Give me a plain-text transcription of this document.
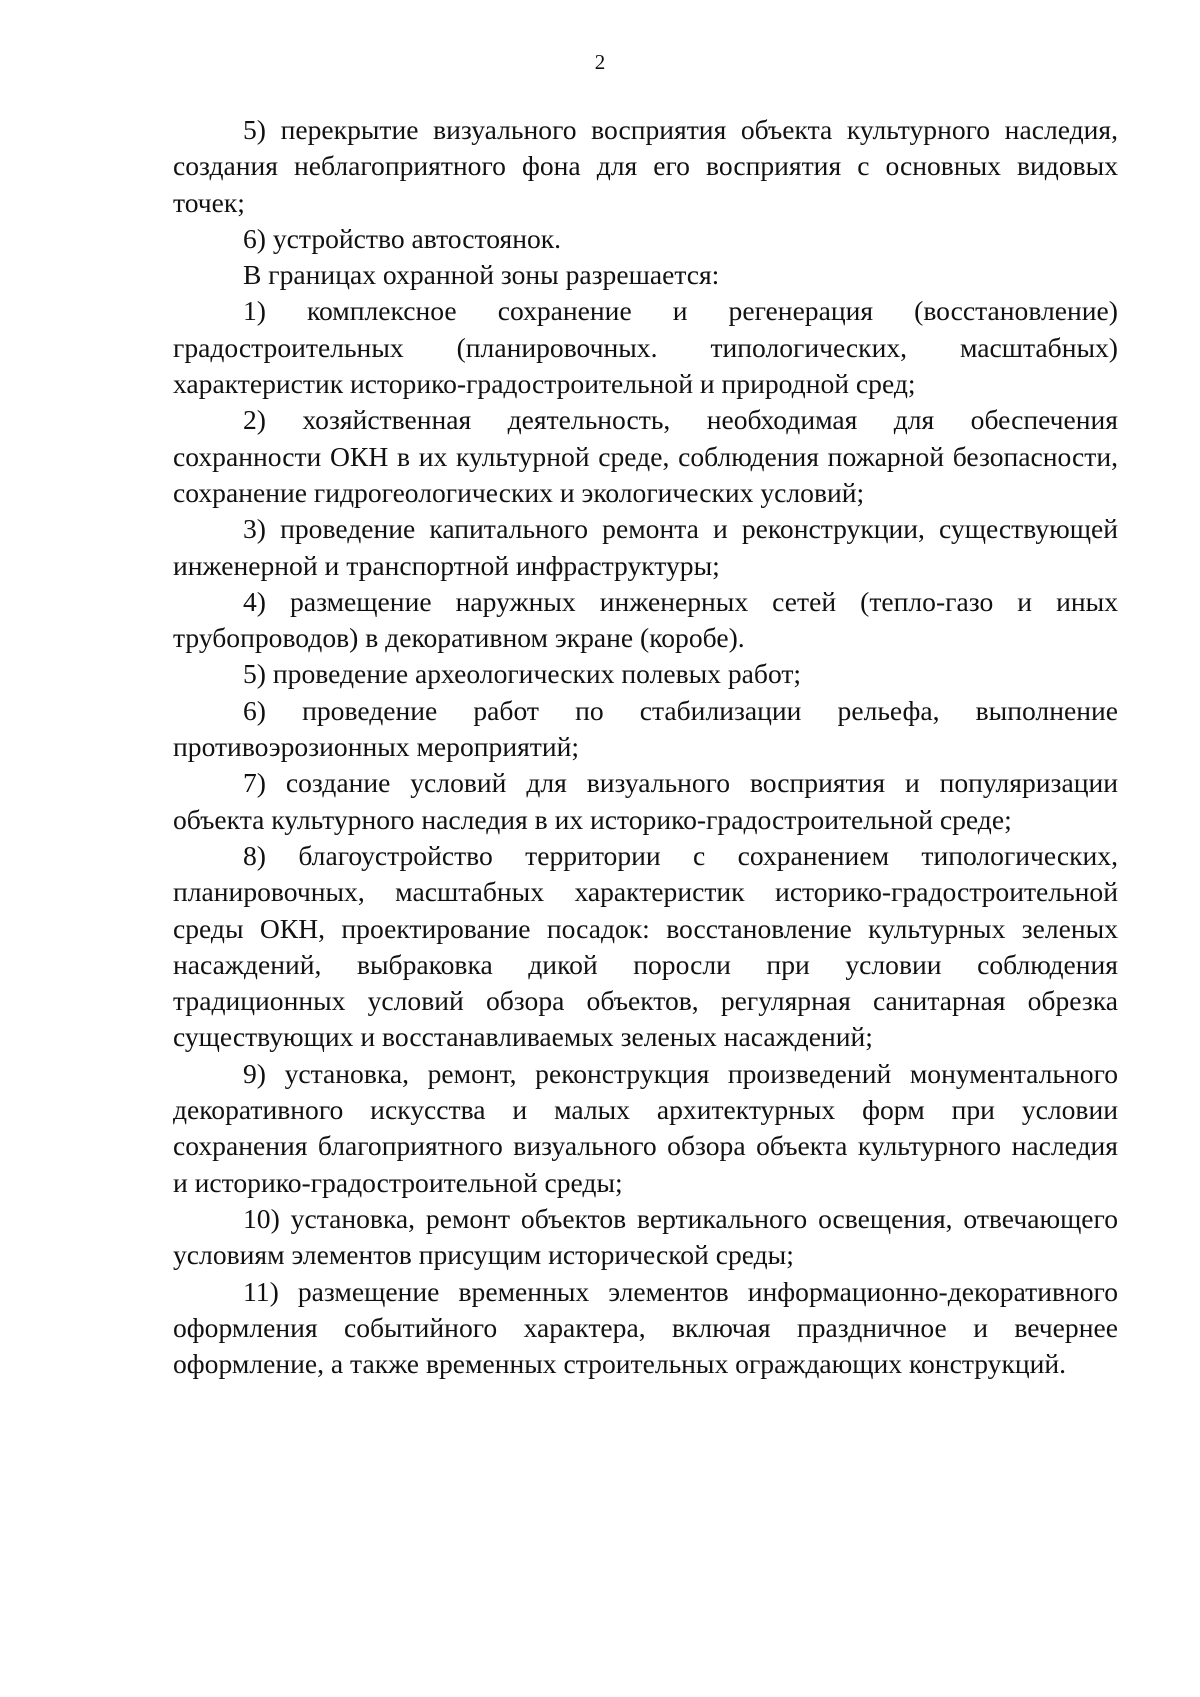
2

5) перекрытие визуального восприятия объекта культурного наследия, создания неблагоприятного фона для его восприятия с основных видовых точек;

6) устройство автостоянок.

В границах охранной зоны разрешается:

1) комплексное сохранение и регенерация (восстановление) градостроительных (планировочных. типологических, масштабных) характеристик историко-градостроительной и природной сред;

2) хозяйственная деятельность, необходимая для обеспечения сохранности ОКН в их культурной среде, соблюдения пожарной безопасности, сохранение гидрогеологических и экологических условий;

3) проведение капитального ремонта и реконструкции, существующей инженерной и транспортной инфраструктуры;

4) размещение наружных инженерных сетей (тепло-газо и иных трубопроводов) в декоративном экране (коробе).

5) проведение археологических полевых работ;

6) проведение работ по стабилизации рельефа, выполнение противоэрозионных мероприятий;

7) создание условий для визуального восприятия и популяризации объекта культурного наследия в их историко-градостроительной среде;

8) благоустройство территории с сохранением типологических, планировочных, масштабных характеристик историко-градостроительной среды ОКН, проектирование посадок: восстановление культурных зеленых насаждений, выбраковка дикой поросли при условии соблюдения традиционных условий обзора объектов, регулярная санитарная обрезка существующих и восстанавливаемых зеленых насаждений;

9) установка, ремонт, реконструкция произведений монументального декоративного искусства и малых архитектурных форм при условии сохранения благоприятного визуального обзора объекта культурного наследия и историко-градостроительной среды;

10) установка, ремонт объектов вертикального освещения, отвечающего условиям элементов присущим исторической среды;

11) размещение временных элементов информационно-декоративного оформления событийного характера, включая праздничное и вечернее оформление, а также временных строительных ограждающих конструкций.
